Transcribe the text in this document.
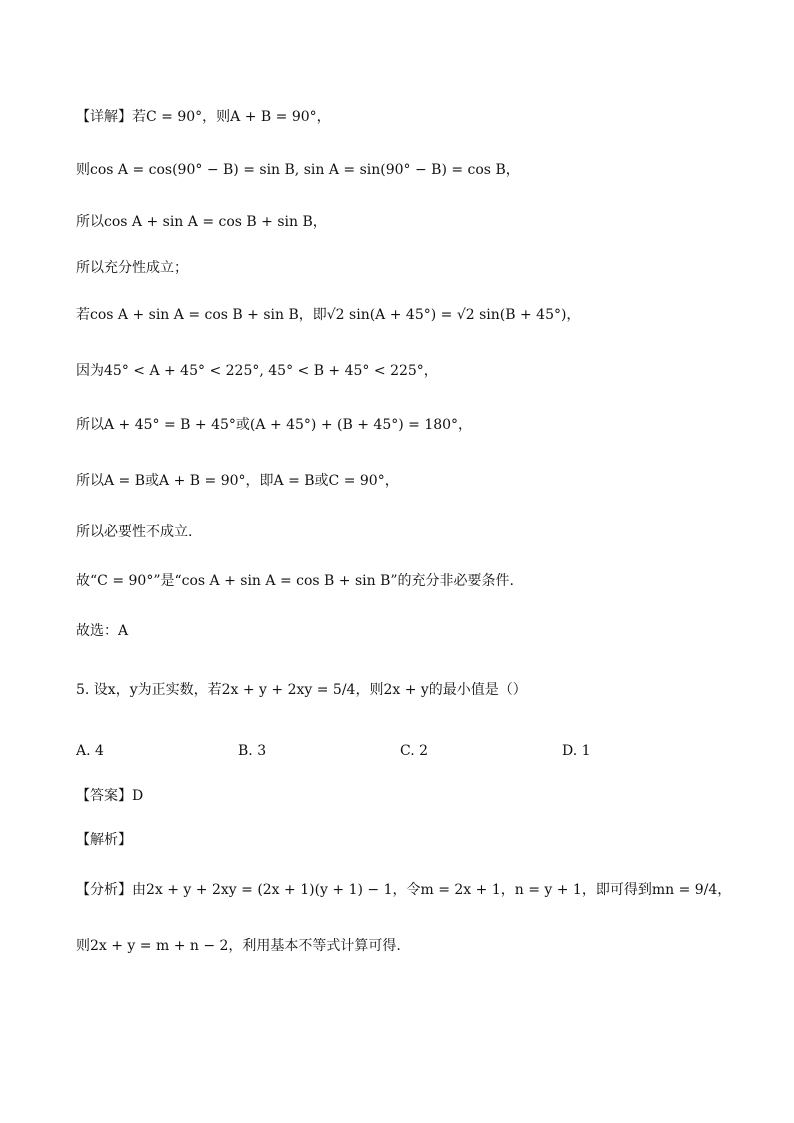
【详解】若C = 90°，则A + B = 90°，
则cos A = cos(90° − B) = sin B, sin A = sin(90° − B) = cos B，
所以cos A + sin A = cos B + sin B，
所以充分性成立；
若cos A + sin A = cos B + sin B，即√2 sin(A + 45°) = √2 sin(B + 45°)，
因为45° < A + 45° < 225°, 45° < B + 45° < 225°，
所以A + 45° = B + 45°或(A + 45°) + (B + 45°) = 180°，
所以A = B或A + B = 90°，即A = B或C = 90°，
所以必要性不成立.
故“C = 90°”是“cos A + sin A = cos B + sin B”的充分非必要条件.
故选：A
5. 设x，y为正实数，若2x + y + 2xy = 5/4，则2x + y的最小值是（）
A. 4	B. 3	C. 2	D. 1
【答案】D
【解析】
【分析】由2x + y + 2xy = (2x + 1)(y + 1) − 1，令m = 2x + 1，n = y + 1，即可得到mn = 9/4，
则2x + y = m + n − 2，利用基本不等式计算可得.
